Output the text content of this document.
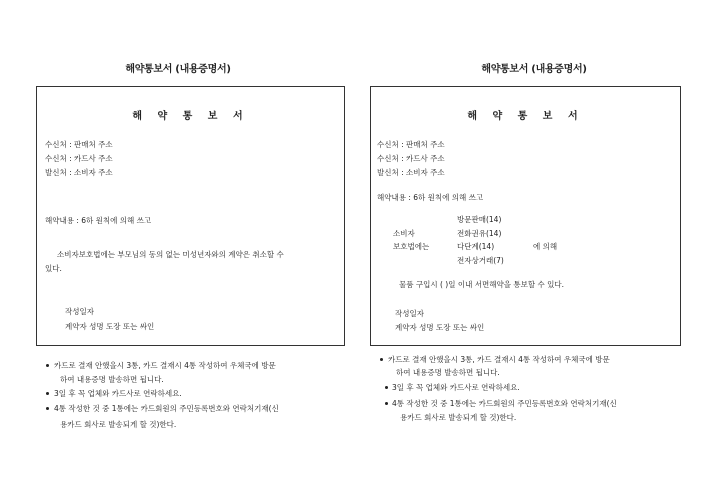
해약통보서 (내용증명서)
해 약 통 보 서
수신처 : 판매처 주소
수신처 : 카드사 주소
발신처 : 소비자 주소
해약내용 : 6하 원칙에 의해 쓰고
소비자보호법에는 부모님의 동의 없는 미성년자와의 계약은 취소할 수
있다.
작성일자
계약자 성명 도장 또는 싸인
카드로 결재 안했을시 3통, 카드 결재시 4통 작성하여 우체국에 방문
하여 내용증명 발송하면 됩니다.
3일 후 꼭 업체와 카드사로 연락하세요.
4통 작성한 것 중 1통에는 카드회원의 주민등록번호와 연락처기재(신
용카드 회사로 발송되게 할 것)한다.
해약통보서 (내용증명서)
해 약 통 보 서
수신처 : 판매처 주소
수신처 : 카드사 주소
발신처 : 소비자 주소
해약내용 : 6하 원칙에 의해 쓰고
방문판매(14)
소비자	전화권유(14)
보호법에는	다단계(14)	에 의해
전자상거래(7)
물품 구입시 ( )일 이내 서면해약을 통보할 수 있다.
작성일자
계약자 성명 도장 또는 싸인
카드로 결재 안했을시 3통, 카드 결재시 4통 작성하여 우체국에 방문
하여 내용증명 발송하면 됩니다.
3일 후 꼭 업체와 카드사로 연락하세요.
4통 작성한 것 중 1통에는 카드회원의 주민등록번호와 연락처기재(신
용카드 회사로 발송되게 할 것)한다.
